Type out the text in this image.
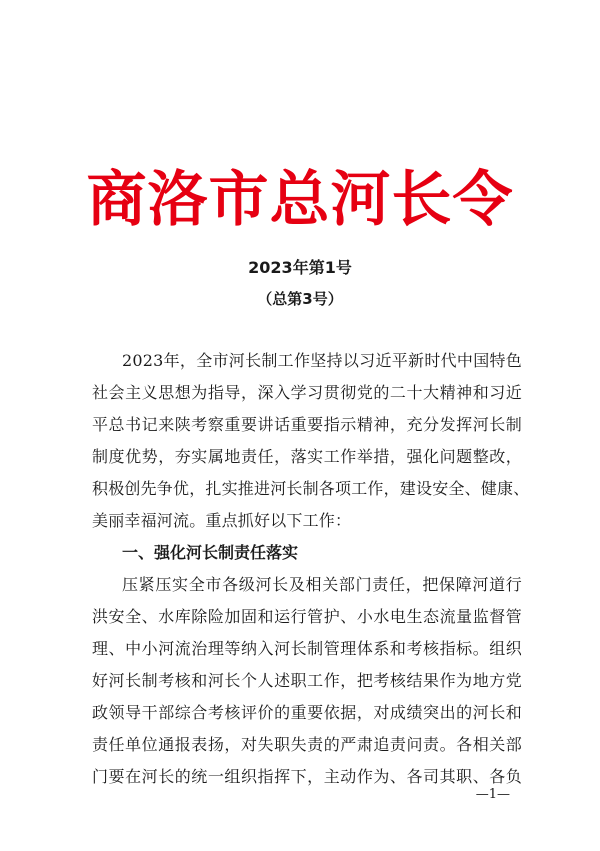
商洛市总河长令

2023年第1号

（总第3号）

2023年，全市河长制工作坚持以习近平新时代中国特色
社会主义思想为指导，深入学习贯彻党的二十大精神和习近
平总书记来陕考察重要讲话重要指示精神，充分发挥河长制
制度优势，夯实属地责任，落实工作举措，强化问题整改，
积极创先争优，扎实推进河长制各项工作，建设安全、健康、
美丽幸福河流。重点抓好以下工作：
一、强化河长制责任落实
压紧压实全市各级河长及相关部门责任，把保障河道行
洪安全、水库除险加固和运行管护、小水电生态流量监督管
理、中小河流治理等纳入河长制管理体系和考核指标。组织
好河长制考核和河长个人述职工作，把考核结果作为地方党
政领导干部综合考核评价的重要依据，对成绩突出的河长和
责任单位通报表扬，对失职失责的严肃追责问责。各相关部
门要在河长的统一组织指挥下，主动作为、各司其职、各负
—1—
